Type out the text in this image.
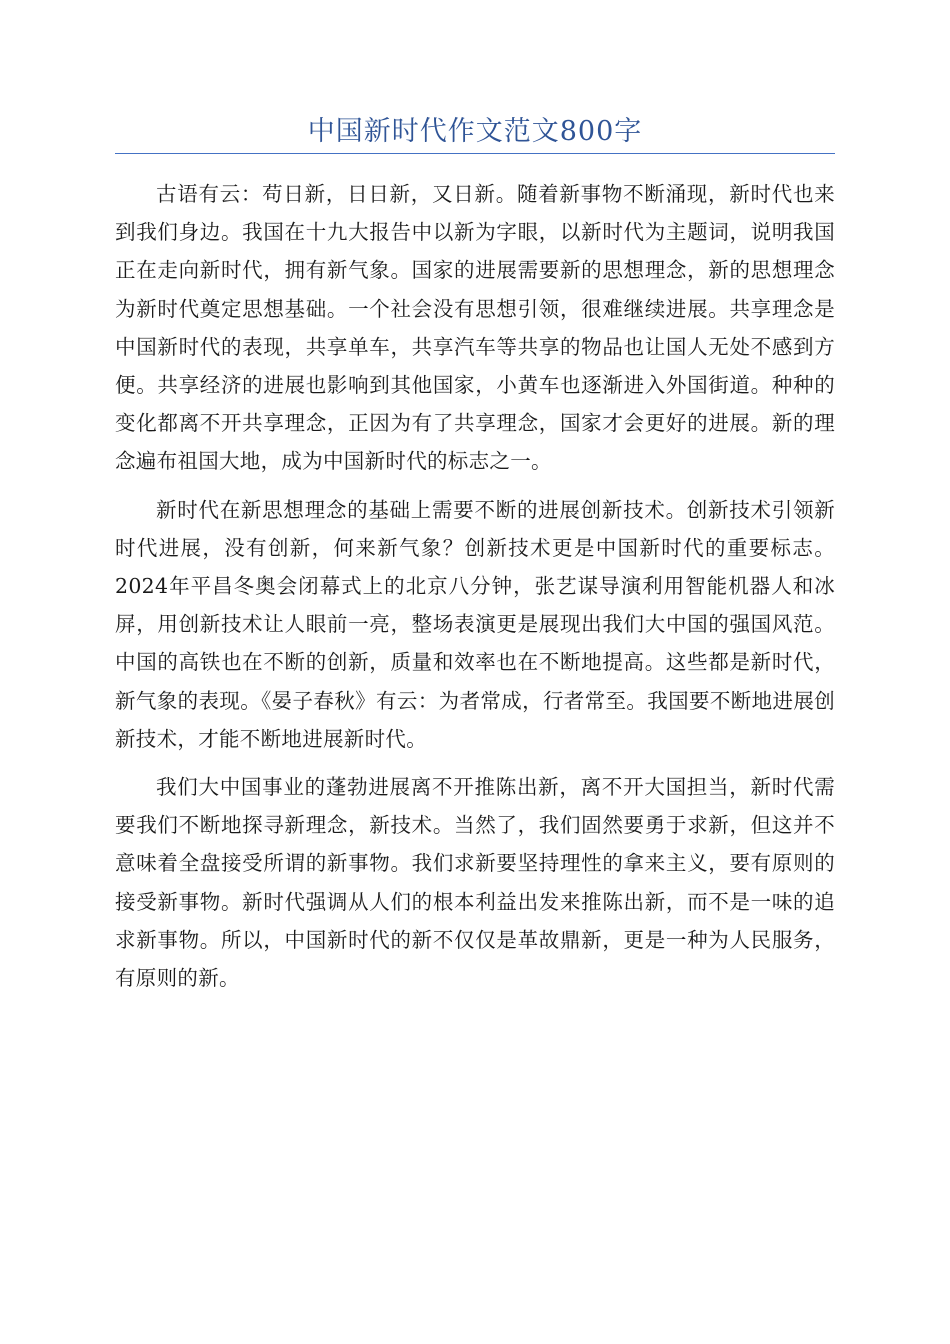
中国新时代作文范文800字

古语有云：苟日新，日日新，又日新。随着新事物不断涌现，新时代也来到我们身边。我国在十九大报告中以新为字眼，以新时代为主题词，说明我国正在走向新时代，拥有新气象。国家的进展需要新的思想理念，新的思想理念为新时代奠定思想基础。一个社会没有思想引领，很难继续进展。共享理念是中国新时代的表现，共享单车，共享汽车等共享的物品也让国人无处不感到方便。共享经济的进展也影响到其他国家，小黄车也逐渐进入外国街道。种种的变化都离不开共享理念，正因为有了共享理念，国家才会更好的进展。新的理念遍布祖国大地，成为中国新时代的标志之一。

新时代在新思想理念的基础上需要不断的进展创新技术。创新技术引领新时代进展，没有创新，何来新气象？创新技术更是中国新时代的重要标志。2024年平昌冬奥会闭幕式上的北京八分钟，张艺谋导演利用智能机器人和冰屏，用创新技术让人眼前一亮，整场表演更是展现出我们大中国的强国风范。中国的高铁也在不断的创新，质量和效率也在不断地提高。这些都是新时代，新气象的表现。《晏子春秋》有云：为者常成，行者常至。我国要不断地进展创新技术，才能不断地进展新时代。

我们大中国事业的蓬勃进展离不开推陈出新，离不开大国担当，新时代需要我们不断地探寻新理念，新技术。当然了，我们固然要勇于求新，但这并不意味着全盘接受所谓的新事物。我们求新要坚持理性的拿来主义，要有原则的接受新事物。新时代强调从人们的根本利益出发来推陈出新，而不是一味的追求新事物。所以，中国新时代的新不仅仅是革故鼎新，更是一种为人民服务，有原则的新。
